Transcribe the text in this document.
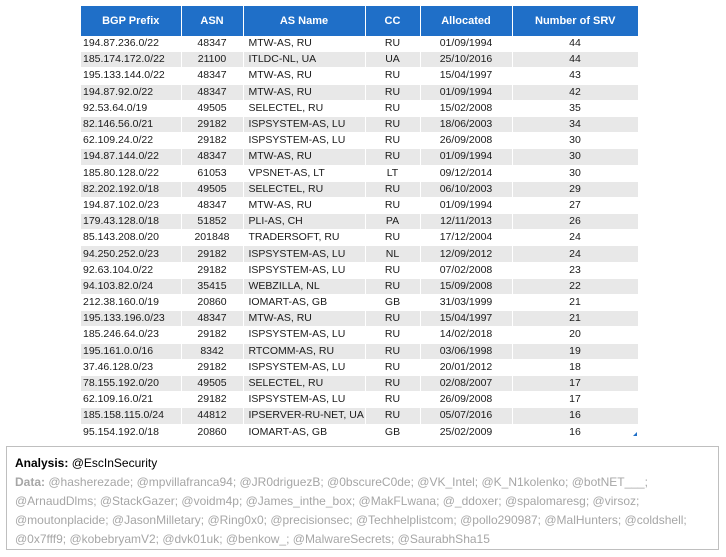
BGP Prefix	ASN	AS Name	CC	Allocated	Number of SRV
194.87.236.0/22	48347	MTW-AS, RU	RU	01/09/1994	44
185.174.172.0/22	21100	ITLDC-NL, UA	UA	25/10/2016	44
195.133.144.0/22	48347	MTW-AS, RU	RU	15/04/1997	43
194.87.92.0/22	48347	MTW-AS, RU	RU	01/09/1994	42
92.53.64.0/19	49505	SELECTEL, RU	RU	15/02/2008	35
82.146.56.0/21	29182	ISPSYSTEM-AS, LU	RU	18/06/2003	34
62.109.24.0/22	29182	ISPSYSTEM-AS, LU	RU	26/09/2008	30
194.87.144.0/22	48347	MTW-AS, RU	RU	01/09/1994	30
185.80.128.0/22	61053	VPSNET-AS, LT	LT	09/12/2014	30
82.202.192.0/18	49505	SELECTEL, RU	RU	06/10/2003	29
194.87.102.0/23	48347	MTW-AS, RU	RU	01/09/1994	27
179.43.128.0/18	51852	PLI-AS, CH	PA	12/11/2013	26
85.143.208.0/20	201848	TRADERSOFT, RU	RU	17/12/2004	24
94.250.252.0/23	29182	ISPSYSTEM-AS, LU	NL	12/09/2012	24
92.63.104.0/22	29182	ISPSYSTEM-AS, LU	RU	07/02/2008	23
94.103.82.0/24	35415	WEBZILLA, NL	RU	15/09/2008	22
212.38.160.0/19	20860	IOMART-AS, GB	GB	31/03/1999	21
195.133.196.0/23	48347	MTW-AS, RU	RU	15/04/1997	21
185.246.64.0/23	29182	ISPSYSTEM-AS, LU	RU	14/02/2018	20
195.161.0.0/16	8342	RTCOMM-AS, RU	RU	03/06/1998	19
37.46.128.0/23	29182	ISPSYSTEM-AS, LU	RU	20/01/2012	18
78.155.192.0/20	49505	SELECTEL, RU	RU	02/08/2007	17
62.109.16.0/21	29182	ISPSYSTEM-AS, LU	RU	26/09/2008	17
185.158.115.0/24	44812	IPSERVER-RU-NET, UA	RU	05/07/2016	16
95.154.192.0/18	20860	IOMART-AS, GB	GB	25/02/2009	16
Analysis: @EscInSecurity
Data: @hasherezade; @mpvillafranca94; @JR0driguezB; @0bscureC0de; @VK_Intel; @K_N1kolenko; @botNET___; @ArnaudDlms; @StackGazer; @voidm4p; @James_inthe_box; @MakFLwana; @_ddoxer; @spalomaresg; @virsoz; @moutonplacide; @JasonMilletary; @Ring0x0; @precisionsec; @Techhelplistcom; @pollo290987; @MalHunters; @coldshell; @0x7fff9; @kobebryamV2; @dvk01uk; @benkow_; @MalwareSecrets; @SaurabhSha15
